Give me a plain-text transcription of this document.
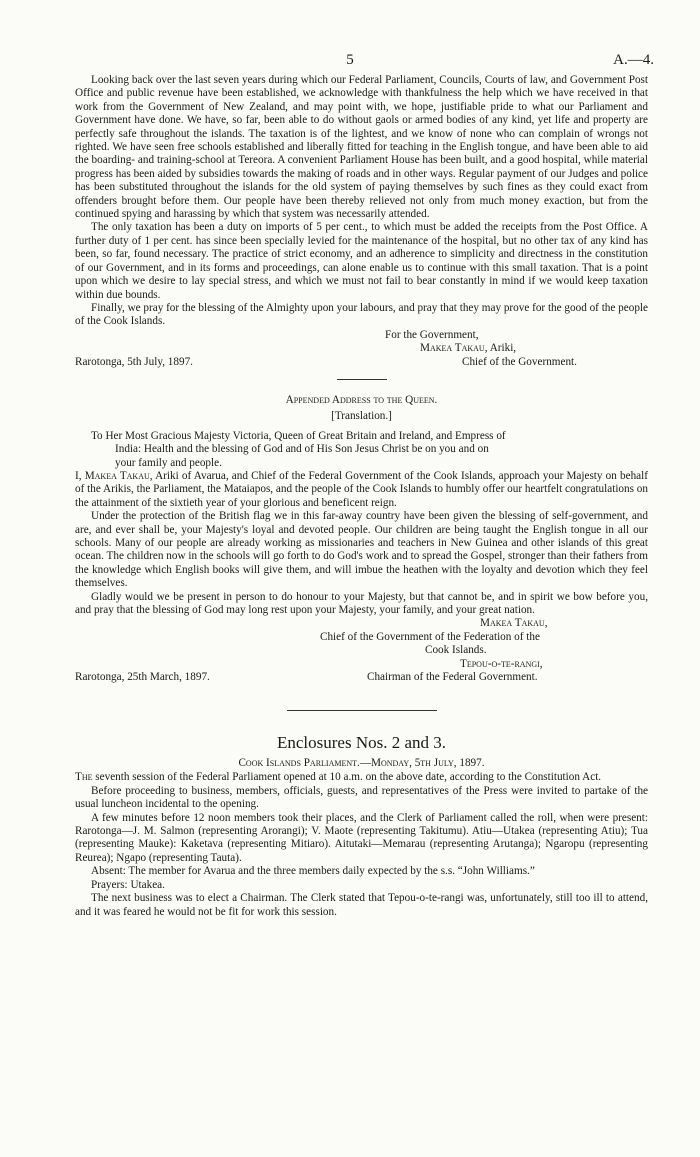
5	A.—4.

Looking back over the last seven years during which our Federal Parliament, Councils, Courts of law, and Government Post Office and public revenue have been established, we acknowledge with thankfulness the help which we have received in that work from the Government of New Zealand, and may point with, we hope, justifiable pride to what our Parliament and Government have done. We have, so far, been able to do without gaols or armed bodies of any kind, yet life and property are perfectly safe throughout the islands. The taxation is of the lightest, and we know of none who can complain of wrongs not righted. We have seen free schools established and liberally fitted for teaching in the English tongue, and have been able to aid the boarding- and training-school at Tereora. A convenient Parliament House has been built, and a good hospital, while material progress has been aided by subsidies towards the making of roads and in other ways. Regular payment of our Judges and police has been substituted throughout the islands for the old system of paying themselves by such fines as they could exact from offenders brought before them. Our people have been thereby relieved not only from much money exaction, but from the continued spying and harassing by which that system was necessarily attended.

The only taxation has been a duty on imports of 5 per cent., to which must be added the receipts from the Post Office. A further duty of 1 per cent. has since been specially levied for the maintenance of the hospital, but no other tax of any kind has been, so far, found necessary. The practice of strict economy, and an adherence to simplicity and directness in the constitution of our Government, and in its forms and proceedings, can alone enable us to continue with this small taxation. That is a point upon which we desire to lay special stress, and which we must not fail to bear constantly in mind if we would keep taxation within due bounds.

Finally, we pray for the blessing of the Almighty upon your labours, and pray that they may prove for the good of the people of the Cook Islands.

For the Government,
Makea Takau, Ariki,
Rarotonga, 5th July, 1897.	Chief of the Government.

Appended Address to the Queen.

[Translation.]

To Her Most Gracious Majesty Victoria, Queen of Great Britain and Ireland, and Empress of
India: Health and the blessing of God and of His Son Jesus Christ be on you and on
your family and people.

I, Makea Takau, Ariki of Avarua, and Chief of the Federal Government of the Cook Islands, approach your Majesty on behalf of the Arikis, the Parliament, the Mataiapos, and the people of the Cook Islands to humbly offer our heartfelt congratulations on the attainment of the sixtieth year of your glorious and beneficent reign.

Under the protection of the British flag we in this far-away country have been given the blessing of self-government, and are, and ever shall be, your Majesty's loyal and devoted people. Our children are being taught the English tongue in all our schools. Many of our people are already working as missionaries and teachers in New Guinea and other islands of this great ocean. The children now in the schools will go forth to do God's work and to spread the Gospel, stronger than their fathers from the knowledge which English books will give them, and will imbue the heathen with the loyalty and devotion which they feel themselves.

Gladly would we be present in person to do honour to your Majesty, but that cannot be, and in spirit we bow before you, and pray that the blessing of God may long rest upon your Majesty, your family, and your great nation.

Makea Takau,
Chief of the Government of the Federation of the
Cook Islands.
Tepou-o-te-rangi,
Rarotonga, 25th March, 1897.	Chairman of the Federal Government.

Enclosures Nos. 2 and 3.

Cook Islands Parliament.—Monday, 5th July, 1897.

The seventh session of the Federal Parliament opened at 10 a.m. on the above date, according to the Constitution Act.

Before proceeding to business, members, officials, guests, and representatives of the Press were invited to partake of the usual luncheon incidental to the opening.

A few minutes before 12 noon members took their places, and the Clerk of Parliament called the roll, when were present: Rarotonga—J. M. Salmon (representing Arorangi); V. Maote (representing Takitumu). Atiu—Utakea (representing Atiu); Tua (representing Mauke): Kaketava (representing Mitiaro). Aitutaki—Memarau (representing Arutanga); Ngaropu (representing Reurea); Ngapo (representing Tauta).

Absent: The member for Avarua and the three members daily expected by the s.s. “John Williams.”

Prayers: Utakea.

The next business was to elect a Chairman. The Clerk stated that Tepou-o-te-rangi was, unfortunately, still too ill to attend, and it was feared he would not be fit for work this session.
